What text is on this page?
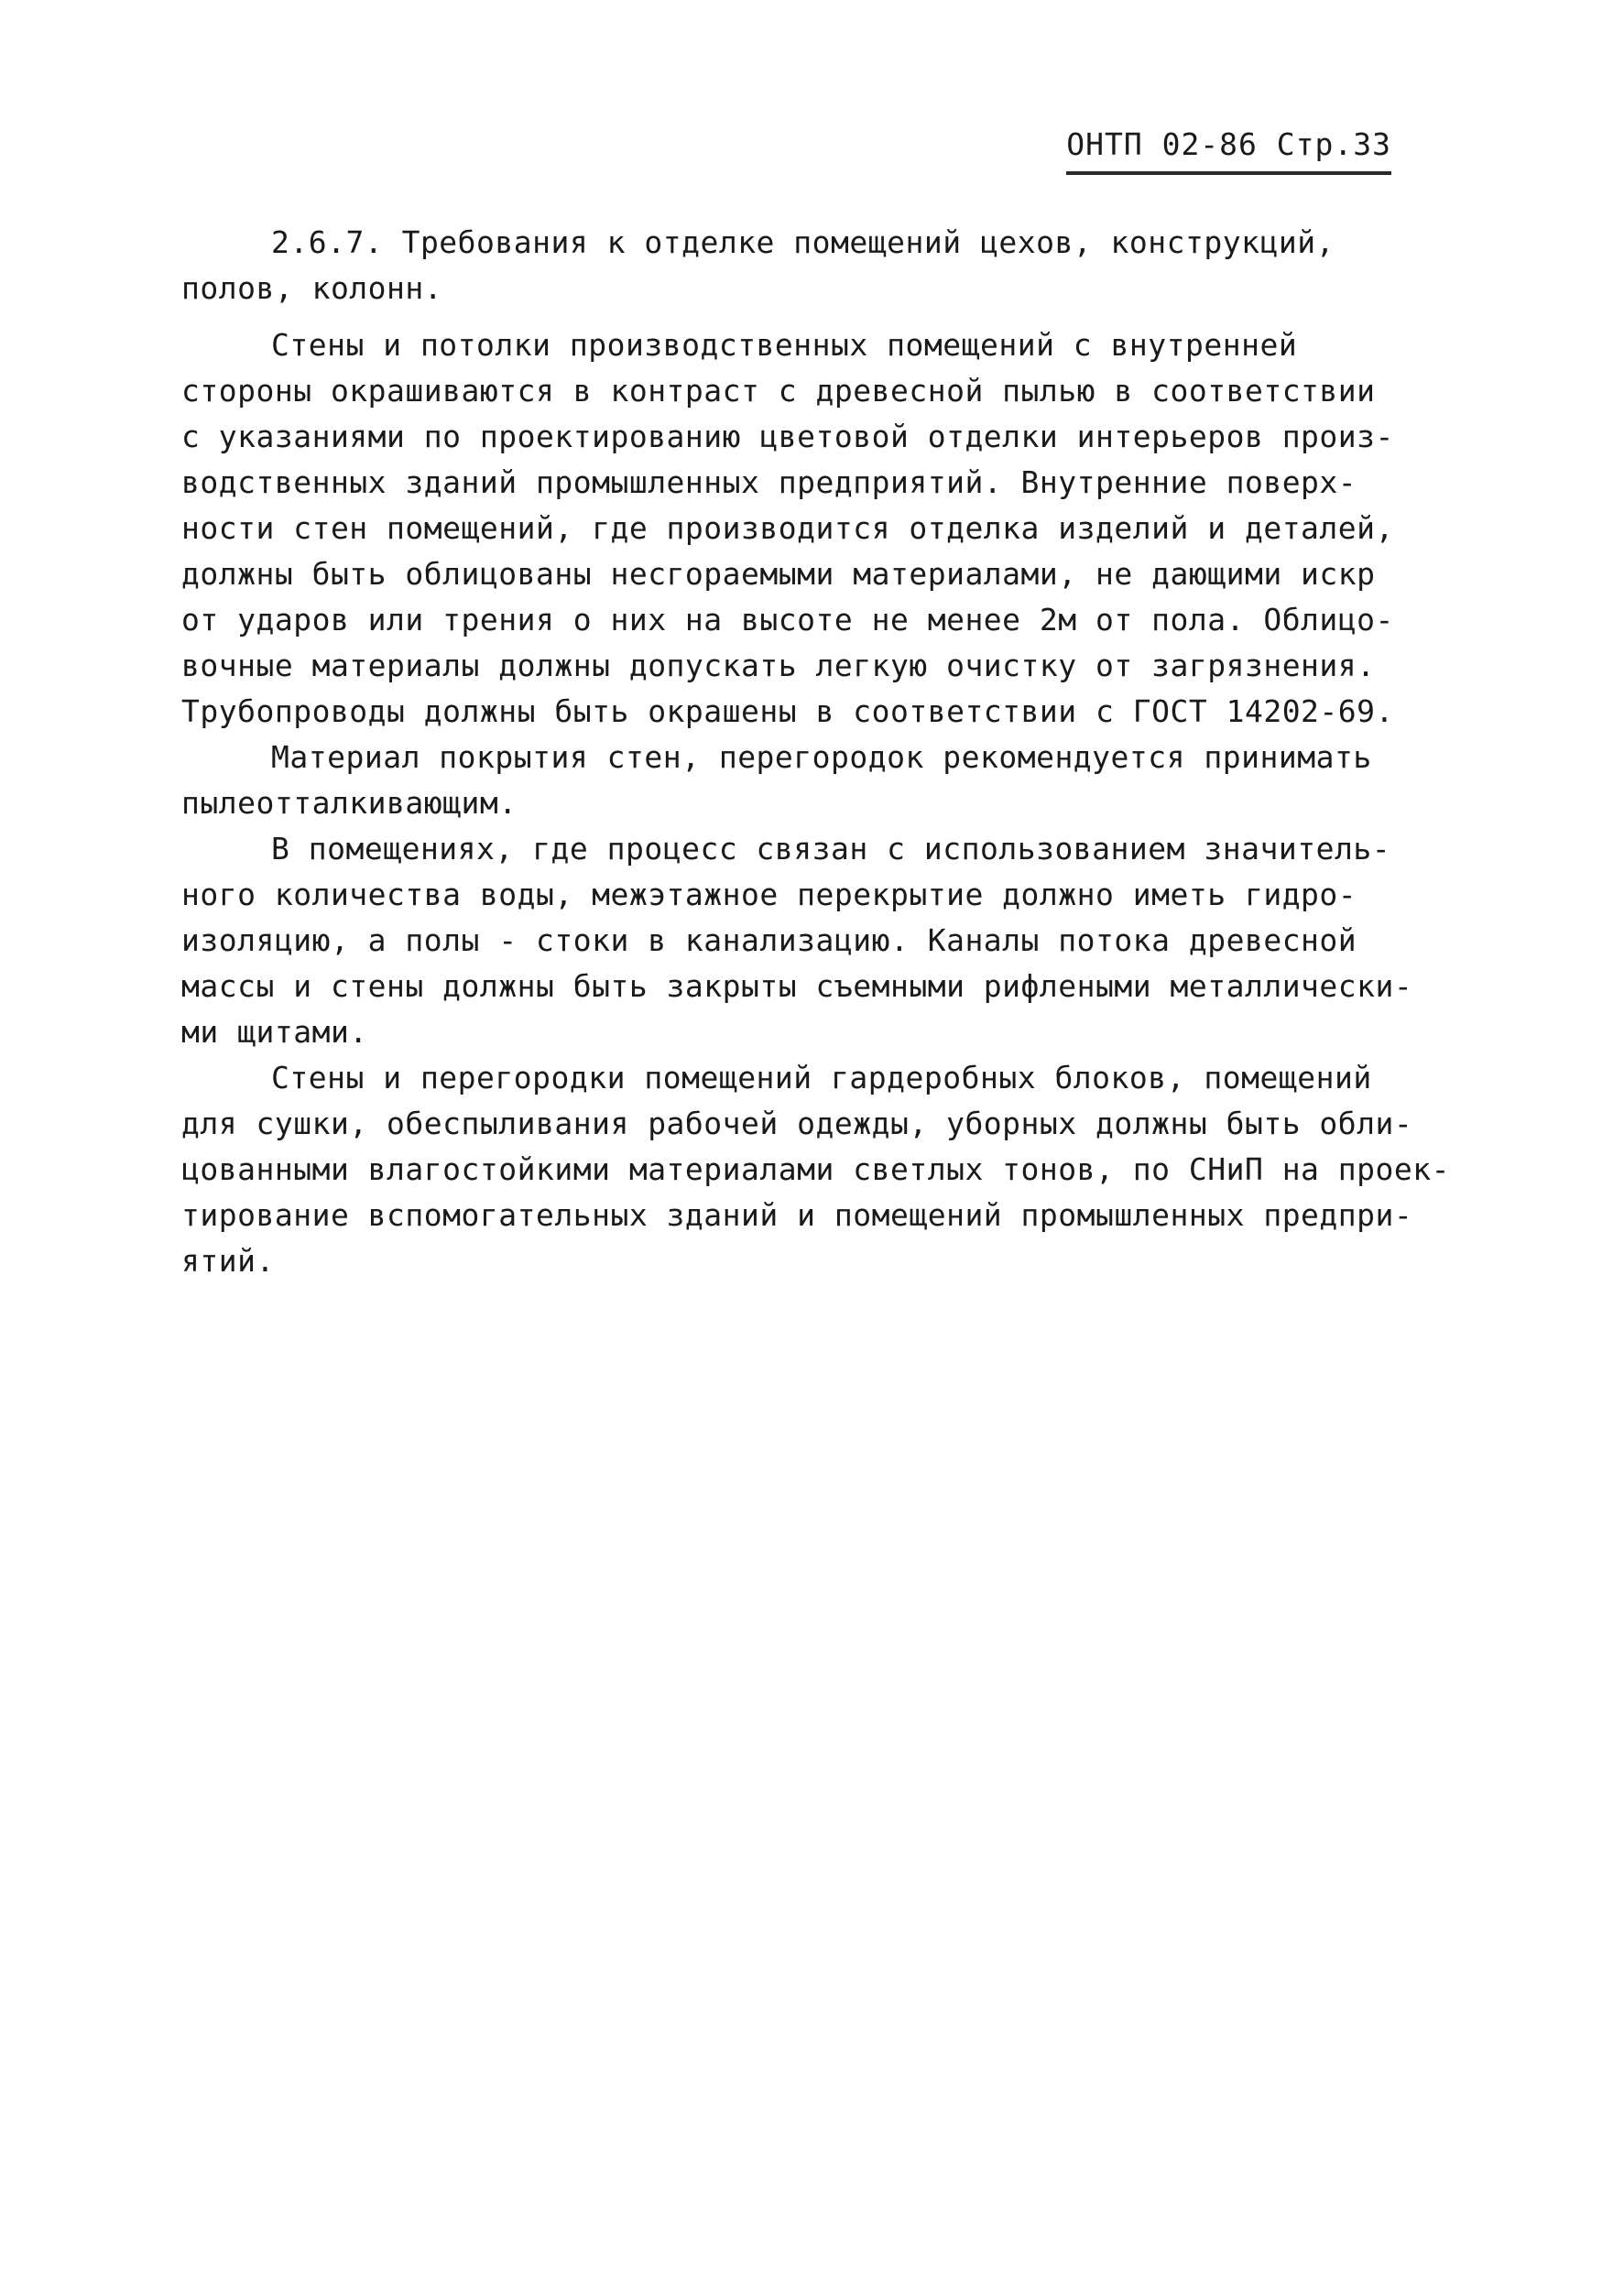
ОНТП 02-86 Стр.33
2.6.7. Требования к отделке помещений цехов, конструкций,
полов, колонн.
Стены и потолки производственных помещений с внутренней
стороны окрашиваются в контраст с древесной пылью в соответствии
с указаниями по проектированию цветовой отделки интерьеров произ-
водственных зданий промышленных предприятий. Внутренние поверх-
ности стен помещений, где производится отделка изделий и деталей,
должны быть облицованы несгораемыми материалами, не дающими искр
от ударов или трения о них на высоте не менее 2м от пола. Облицо-
вочные материалы должны допускать легкую очистку от загрязнения.
Трубопроводы должны быть окрашены в соответствии с ГОСТ 14202-69.
Материал покрытия стен, перегородок рекомендуется принимать
пылеотталкивающим.
В помещениях, где процесс связан с использованием значитель-
ного количества воды, межэтажное перекрытие должно иметь гидро-
изоляцию, а полы - стоки в канализацию. Каналы потока древесной
массы и стены должны быть закрыты съемными рифлеными металлически-
ми щитами.
Стены и перегородки помещений гардеробных блоков, помещений
для сушки, обеспыливания рабочей одежды, уборных должны быть обли-
цованными влагостойкими материалами светлых тонов, по СНиП на проек-
тирование вспомогательных зданий и помещений промышленных предпри-
ятий.
